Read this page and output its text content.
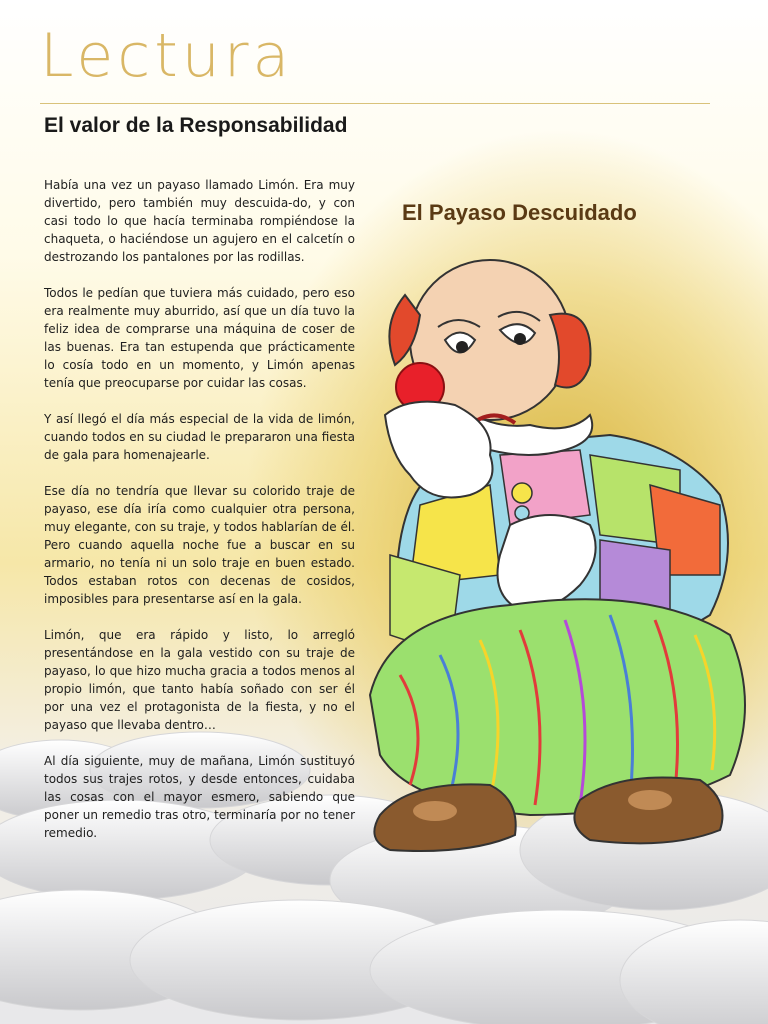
Lectura
El valor de la Responsabilidad
El Payaso Descuidado

Había una vez un payaso llamado Limón. Era muy divertido, pero también muy descuida-do, y con casi todo lo que hacía terminaba rompiéndose la chaqueta, o haciéndose un agujero en el calcetín o destrozando los pantalones por las rodillas.

Todos le pedían que tuviera más cuidado, pero eso era realmente muy aburrido, así que un día tuvo la feliz idea de comprarse una máquina de coser de las buenas. Era tan estupenda que prácticamente lo cosía todo en un momento, y Limón apenas tenía que preocuparse por cuidar las cosas.

Y así llegó el día más especial de la vida de limón, cuando todos en su ciudad le prepararon una fiesta de gala para homenajearle.

Ese día no tendría que llevar su colorido traje de payaso, ese día iría como cualquier otra persona, muy elegante, con su traje, y todos hablarían de él. Pero cuando aquella noche fue a buscar en su armario, no tenía ni un solo traje en buen estado. Todos estaban rotos con decenas de cosidos, imposibles para presentarse así en la gala.

Limón, que era rápido y listo, lo arregló presentándose en la gala vestido con su traje de payaso, lo que hizo mucha gracia a todos menos al propio limón, que tanto había soñado con ser él por una vez el protagonista de la fiesta, y no el payaso que llevaba dentro…

Al día siguiente, muy de mañana, Limón sustituyó todos sus trajes rotos, y desde entonces, cuidaba las cosas con el mayor esmero, sabiendo que poner un remedio tras otro, terminaría por no tener remedio.
